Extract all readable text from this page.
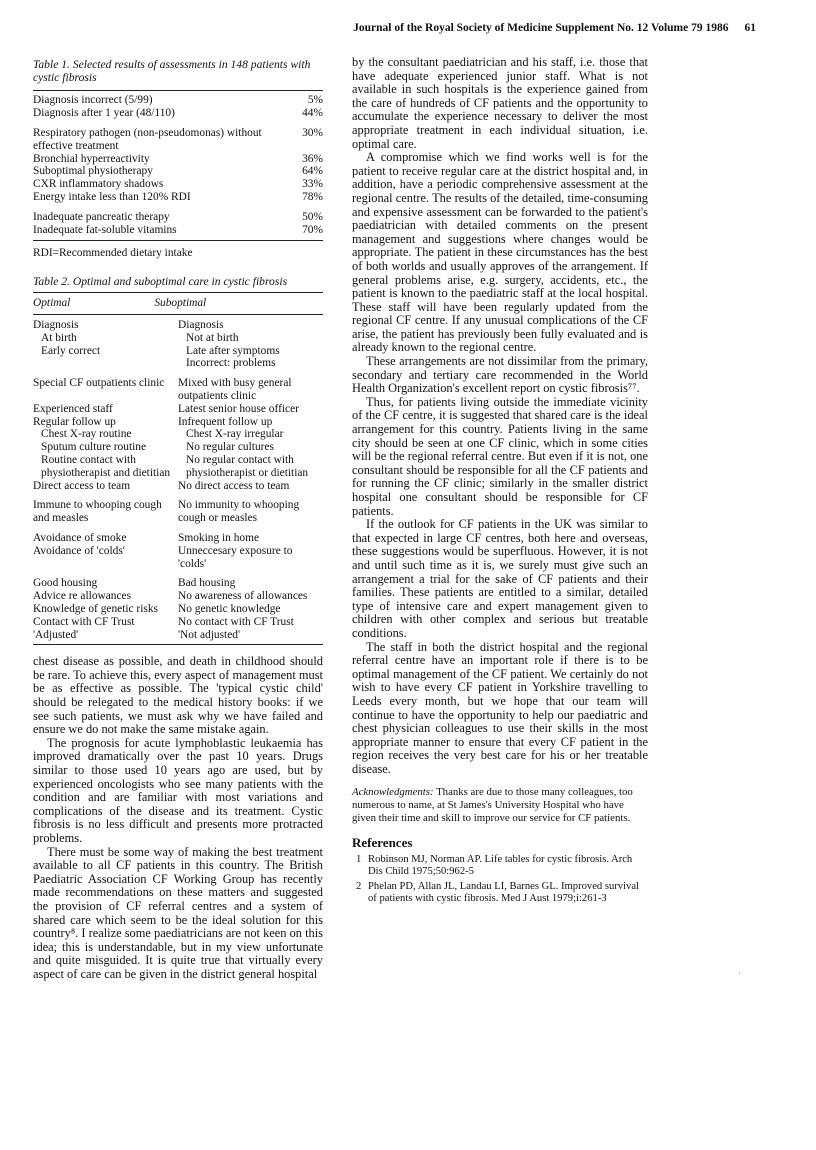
Journal of the Royal Society of Medicine Supplement No. 12 Volume 79 1986 61
Table 1. Selected results of assessments in 148 patients with cystic fibrosis
Diagnosis incorrect (5/99)	5%
Diagnosis after 1 year (48/110)	44%

Respiratory pathogen (non-pseudomonas) without effective treatment	30%
Bronchial hyperreactivity	36%
Suboptimal physiotherapy	64%
CXR inflammatory shadows	33%
Energy intake less than 120% RDI	78%

Inadequate pancreatic therapy	50%
Inadequate fat-soluble vitamins	70%
RDI=Recommended dietary intake
Table 2. Optimal and suboptimal care in cystic fibrosis
Optimal	Suboptimal
Diagnosis	Diagnosis
At birth	Not at birth
Early correct	Late after symptoms
	Incorrect: problems

Special CF outpatients clinic	Mixed with busy general outpatients clinic
Experienced staff	Latest senior house officer
Regular follow up	Infrequent follow up
Chest X-ray routine	Chest X-ray irregular
Sputum culture routine	No regular cultures
Routine contact with physiotherapist and dietitian	No regular contact with physiotherapist or dietitian
Direct access to team	No direct access to team

Immune to whooping cough and measles	No immunity to whooping cough or measles

Avoidance of smoke	Smoking in home
Avoidance of 'colds'	Unneccesary exposure to 'colds'

Good housing	Bad housing
Advice re allowances	No awareness of allowances
Knowledge of genetic risks	No genetic knowledge
Contact with CF Trust	No contact with CF Trust
'Adjusted'	'Not adjusted'

chest disease as possible, and death in childhood should be rare. To achieve this, every aspect of management must be as effective as possible. The 'typical cystic child' should be relegated to the medical history books: if we see such patients, we must ask why we have failed and ensure we do not make the same mistake again.

The prognosis for acute lymphoblastic leukaemia has improved dramatically over the past 10 years. Drugs similar to those used 10 years ago are used, but by experienced oncologists who see many patients with the condition and are familiar with most variations and complications of the disease and its treatment. Cystic fibrosis is no less difficult and presents more protracted problems.

There must be some way of making the best treatment available to all CF patients in this country. The British Paediatric Association CF Working Group has recently made recommendations on these matters and suggested the provision of CF referral centres and a system of shared care which seem to be the ideal solution for this country⁸. I realize some paediatricians are not keen on this idea; this is understandable, but in my view unfortunate and quite misguided. It is quite true that virtually every aspect of care can be given in the district general hospital

by the consultant paediatrician and his staff, i.e. those that have adequate experienced junior staff. What is not available in such hospitals is the experience gained from the care of hundreds of CF patients and the opportunity to accumulate the experience necessary to deliver the most appropriate treatment in each individual situation, i.e. optimal care.

A compromise which we find works well is for the patient to receive regular care at the district hospital and, in addition, have a periodic comprehensive assessment at the regional centre. The results of the detailed, time-consuming and expensive assessment can be forwarded to the patient's paediatrician with detailed comments on the present management and suggestions where changes would be appropriate. The patient in these circumstances has the best of both worlds and usually approves of the arrangement. If general problems arise, e.g. surgery, accidents, etc., the patient is known to the paediatric staff at the local hospital. These staff will have been regularly updated from the regional CF centre. If any unusual complications of the CF arise, the patient has previously been fully evaluated and is already known to the regional centre.

These arrangements are not dissimilar from the primary, secondary and tertiary care recommended in the World Health Organization's excellent report on cystic fibrosis⁷⁷.

Thus, for patients living outside the immediate vicinity of the CF centre, it is suggested that shared care is the ideal arrangement for this country. Patients living in the same city should be seen at one CF clinic, which in some cities will be the regional referral centre. But even if it is not, one consultant should be responsible for all the CF patients and for running the CF clinic; similarly in the smaller district hospital one consultant should be responsible for CF patients.

If the outlook for CF patients in the UK was similar to that expected in large CF centres, both here and overseas, these suggestions would be superfluous. However, it is not and until such time as it is, we surely must give such an arrangement a trial for the sake of CF patients and their families. These patients are entitled to a similar, detailed type of intensive care and expert management given to children with other complex and serious but treatable conditions.

The staff in both the district hospital and the regional referral centre have an important role if there is to be optimal management of the CF patient. We certainly do not wish to have every CF patient in Yorkshire travelling to Leeds every month, but we hope that our team will continue to have the opportunity to help our paediatric and chest physician colleagues to use their skills in the most appropriate manner to ensure that every CF patient in the region receives the very best care for his or her treatable disease.

Acknowledgments: Thanks are due to those many colleagues, too numerous to name, at St James's University Hospital who have given their time and skill to improve our service for CF patients.
References
1 Robinson MJ, Norman AP. Life tables for cystic fibrosis. Arch Dis Child 1975;50:962-5
2 Phelan PD, Allan JL, Landau LI, Barnes GL. Improved survival of patients with cystic fibrosis. Med J Aust 1979;i:261-3
·
